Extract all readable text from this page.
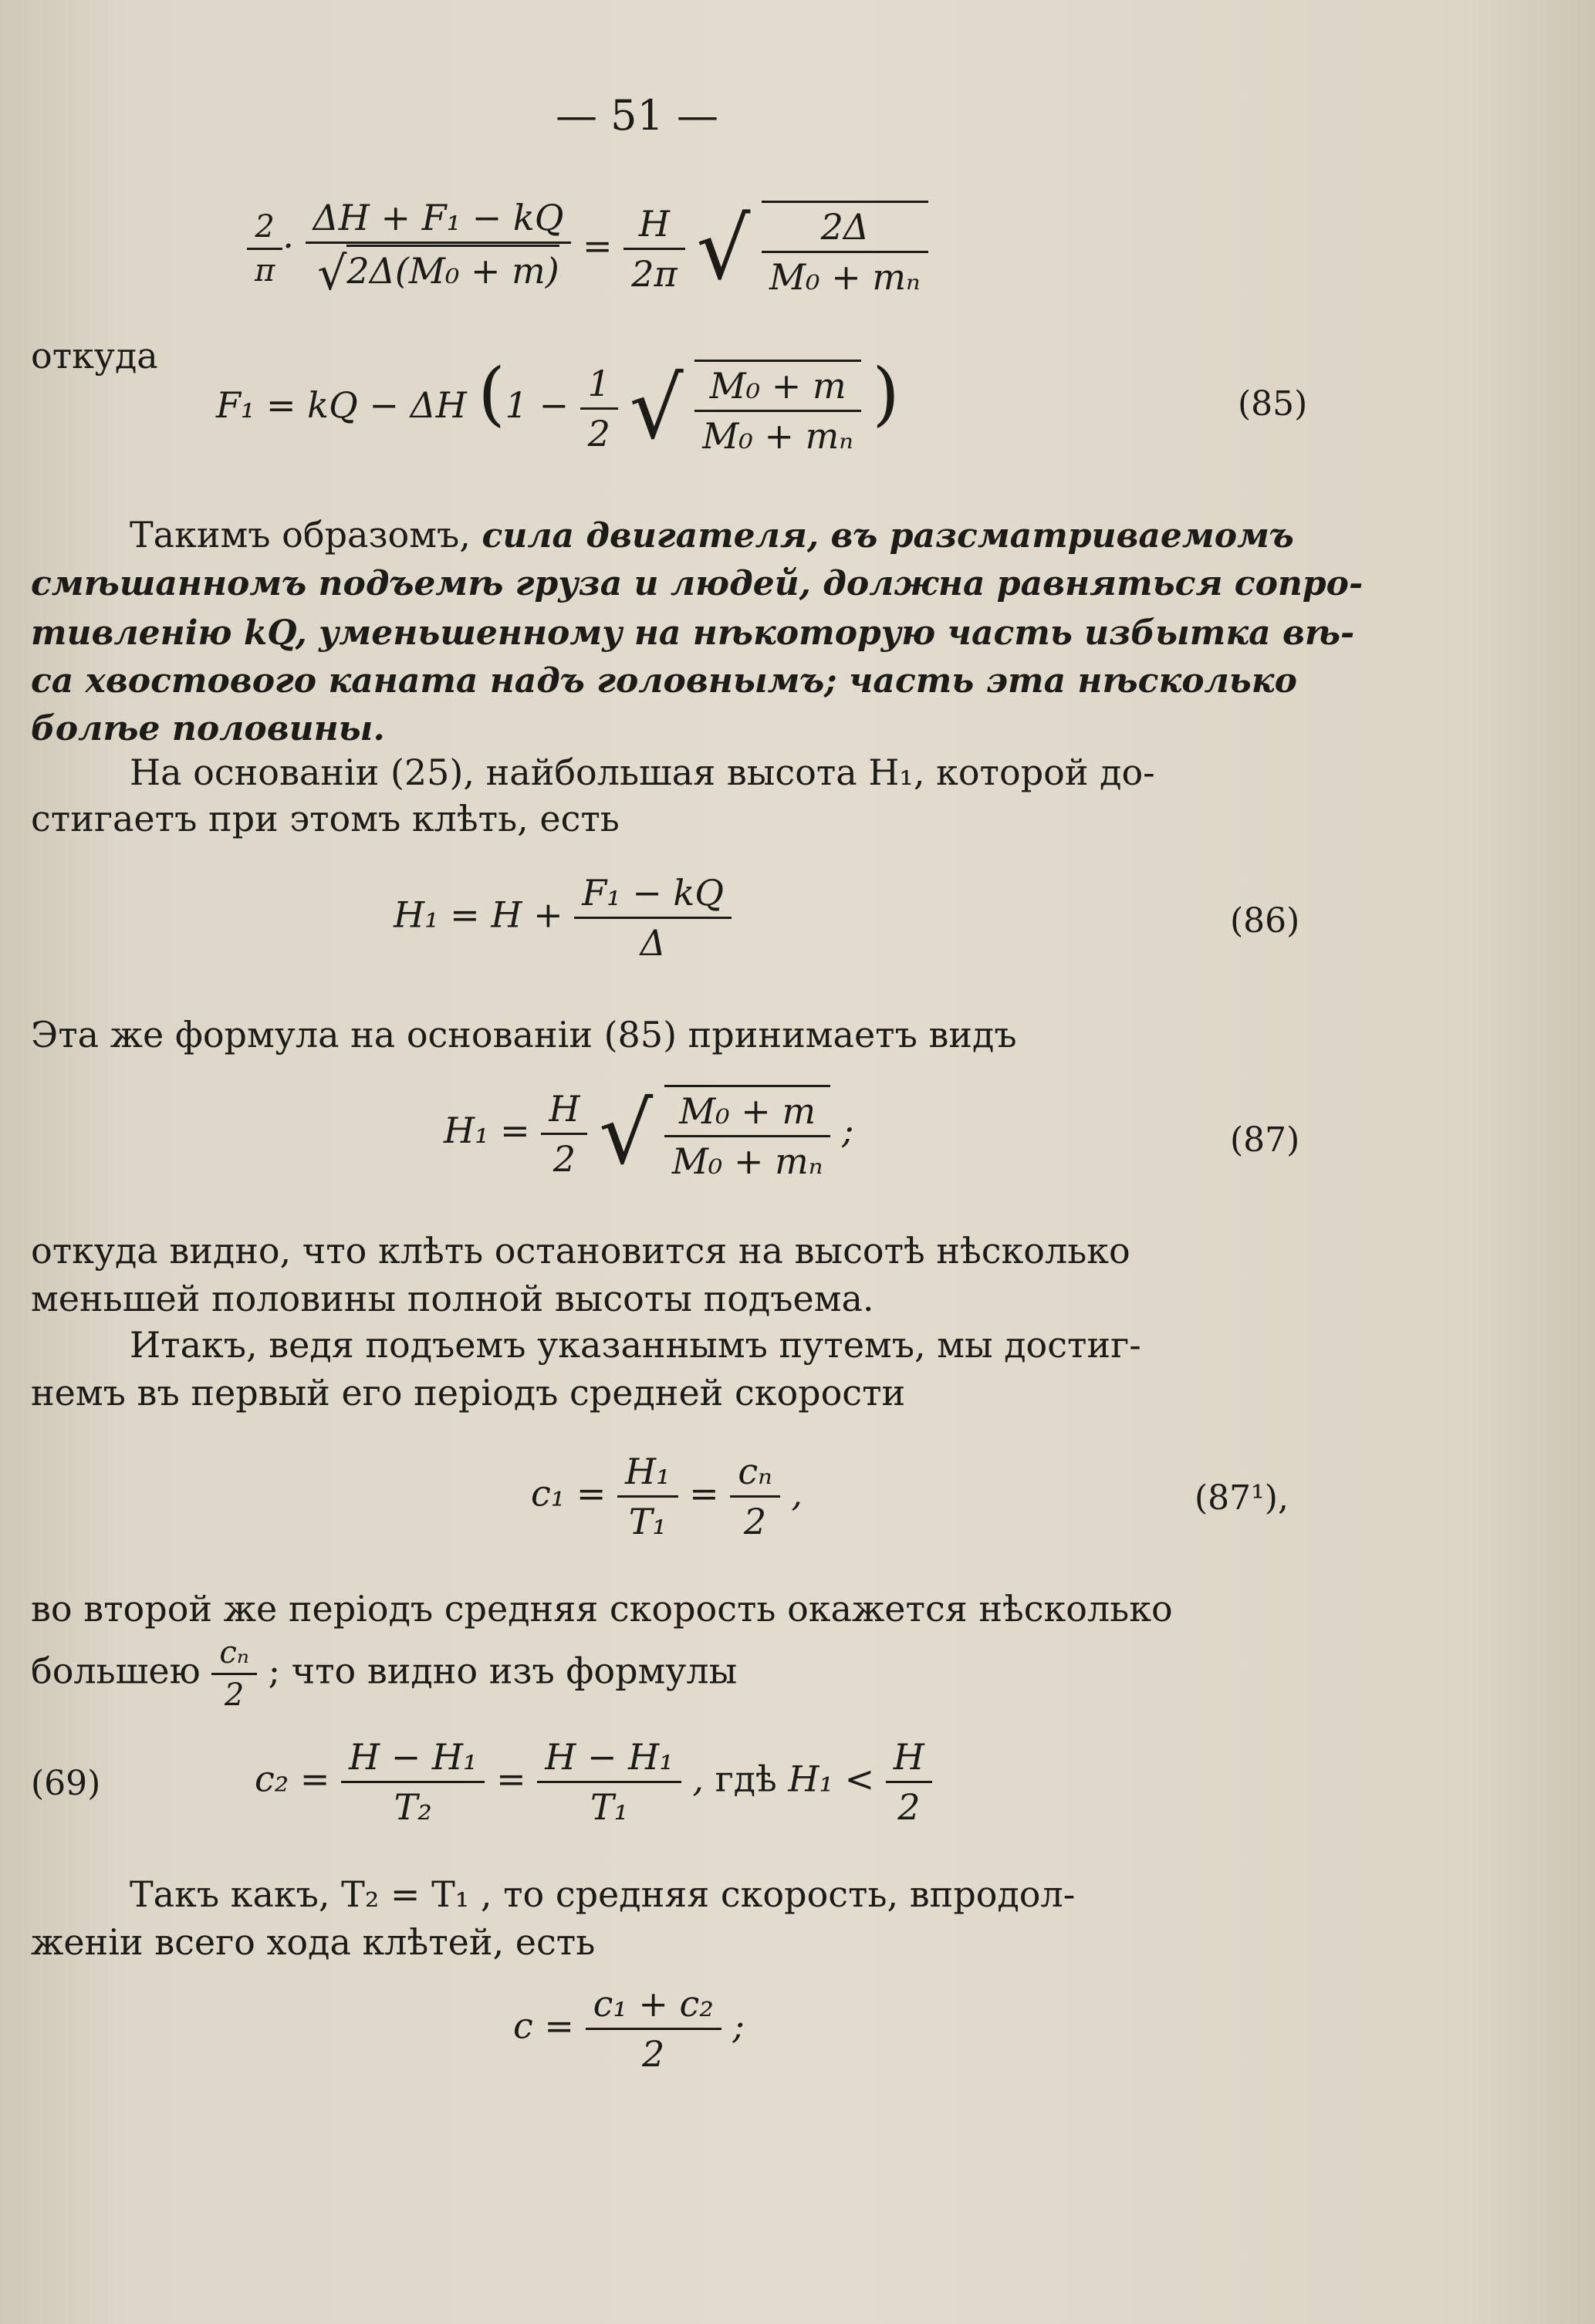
— 51 —
$\frac{2}{\pi} \cdot \frac{\text{ΔH + F₁ − kQ}}{\text{√2Δ(M₀ + m)}} = \frac{H}{2\pi}$ √ $\frac{2\Delta}{\text{M₀ + mₙ}}$
откуда
F₁ = kQ − ΔH ($1 - \frac{1}{2}$ √ $\frac{\text{M₀ + m}}{\text{M₀ + mₙ}}$ )	(85)
Такимъ образомъ, сила двигателя, въ разсматриваемомъ
смѣшанномъ подъемѣ груза и людей, должна равняться сопро-
тивленію kQ, уменьшенному на нѣкоторую часть избытка вѣ-
са хвостового каната надъ головнымъ; часть эта нѣсколько
болѣе половины.
На основаніи (25), найбольшая высота H₁, которой до-
стигаетъ при этомъ клѣть, есть
$H_1 = H + \frac{\text{F₁ − kQ}}{\Delta}$	(86)
Эта же формула на основаніи (85) принимаетъ видъ
$H_1 = \frac{H}{2}$ √ $\frac{\text{M₀ + m}}{\text{M₀ + mₙ}}$ ;	(87)
откуда видно, что клѣть остановится на высотѣ нѣсколько
меньшей половины полной высоты подъема.
Итакъ, ведя подъемъ указаннымъ путемъ, мы достиг-
немъ въ первый его періодъ средней скорости
$c_1 = \frac{\text{H₁}}{\text{T₁}} = \frac{\text{cₙ}}{2}$ ,	(87¹),
во второй же періодъ средняя скорость окажется нѣсколько
большею $\frac{\text{cₙ}}{2}$ ; что видно изъ формулы
(69)	$c_2 = \frac{\text{H − H₁}}{\text{T₂}} = \frac{\text{H − H₁}}{\text{T₁}}$ , гдѣ $H_1 < \frac{H}{2}$
Такъ какъ, T₂ = T₁ , то средняя скорость, впродол-
женіи всего хода клѣтей, есть
$c = \frac{\text{c₁ + c₂}}{2}$ ;
